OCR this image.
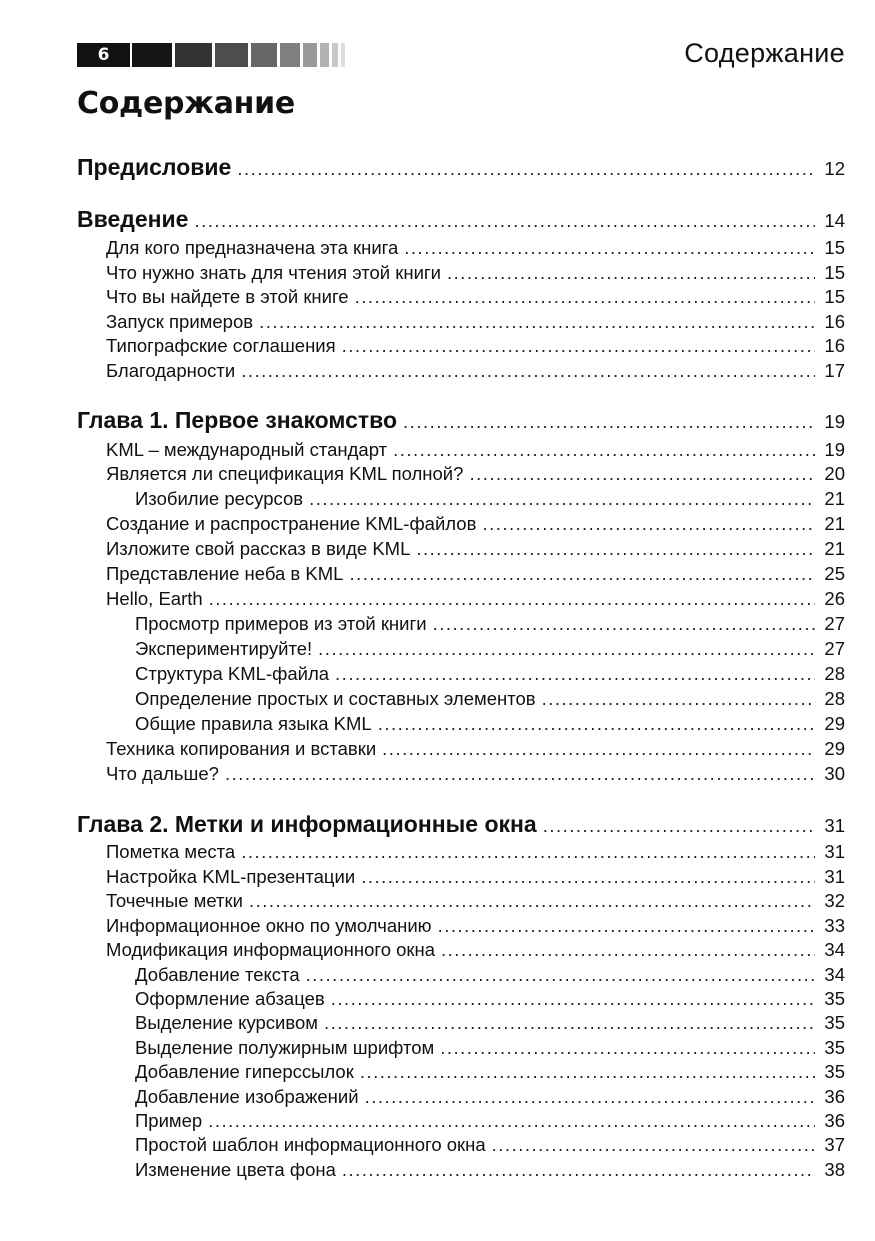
6	Содержание
Содержание
Предисловие .....	12
Введение .....	14
Для кого предназначена эта книга .....	15
Что нужно знать для чтения этой книги .....	15
Что вы найдете в этой книге .....	15
Запуск примеров .....	16
Типографские соглашения .....	16
Благодарности .....	17
Глава 1. Первое знакомство .....	19
KML – международный стандарт .....	19
Является ли спецификация KML полной? .....	20
Изобилие ресурсов .....	21
Создание и распространение KML-файлов .....	21
Изложите свой рассказ в виде KML .....	21
Представление неба в KML .....	25
Hello, Earth .....	26
Просмотр примеров из этой книги .....	27
Экспериментируйте! .....	27
Структура KML-файла .....	28
Определение простых и составных элементов .....	28
Общие правила языка KML .....	29
Техника копирования и вставки .....	29
Что дальше? .....	30
Глава 2. Метки и информационные окна .....	31
Пометка места .....	31
Настройка KML-презентации .....	31
Точечные метки .....	32
Информационное окно по умолчанию .....	33
Модификация информационного окна .....	34
Добавление текста .....	34
Оформление абзацев .....	35
Выделение курсивом .....	35
Выделение полужирным шрифтом .....	35
Добавление гиперссылок .....	35
Добавление изображений .....	36
Пример .....	36
Простой шаблон информационного окна .....	37
Изменение цвета фона .....	38
